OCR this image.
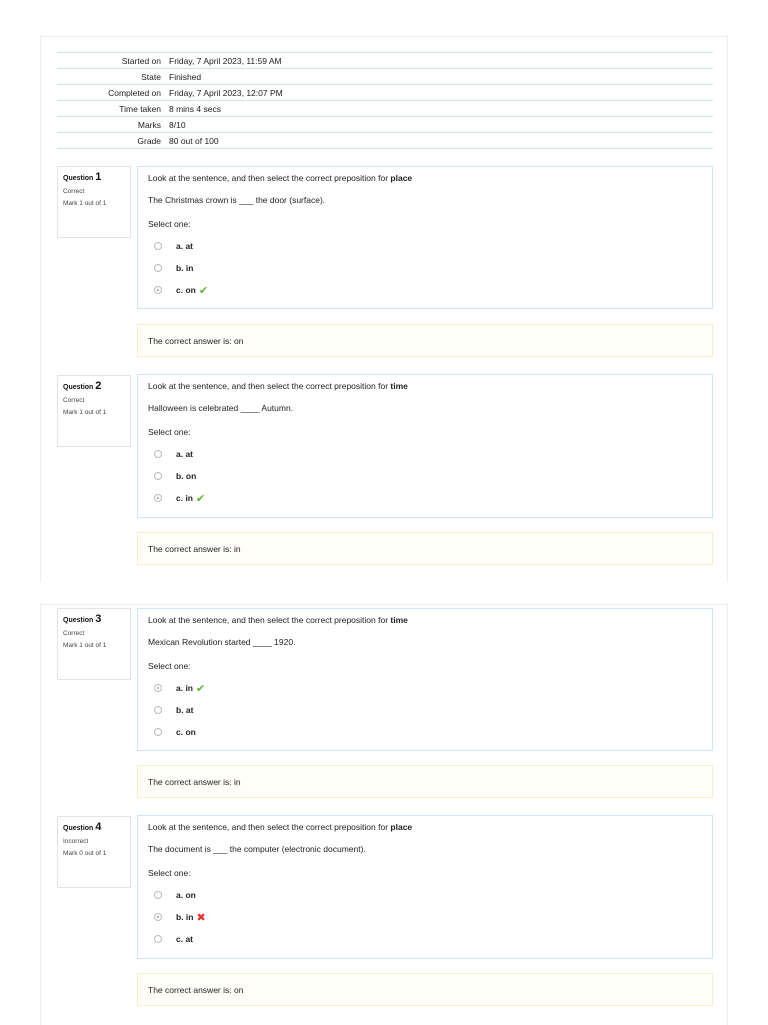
Started on	Friday, 7 April 2023, 11:59 AM
State	Finished
Completed on	Friday, 7 April 2023, 12:07 PM
Time taken	8 mins 4 secs
Marks	8/10
Grade	80 out of 100
Question 1
Correct
Mark 1 out of 1

Look at the sentence, and then select the correct preposition for place

The Christmas crown is ___ the door (surface).

Select one:

a. at
b. in
c. on ✔
The correct answer is: on
Question 2
Correct
Mark 1 out of 1

Look at the sentence, and then select the correct preposition for time

Halloween is celebrated ____ Autumn.

Select one:

a. at
b. on
c. in ✔
The correct answer is: in
Question 3
Correct
Mark 1 out of 1

Look at the sentence, and then select the correct preposition for time

Mexican Revolution started ____ 1920.

Select one:

a. in ✔
b. at
c. on
The correct answer is: in
Question 4
Incorrect
Mark 0 out of 1

Look at the sentence, and then select the correct preposition for place

The document is ___ the computer (electronic document).

Select one:

a. on
b. in ✖
c. at
The correct answer is: on
